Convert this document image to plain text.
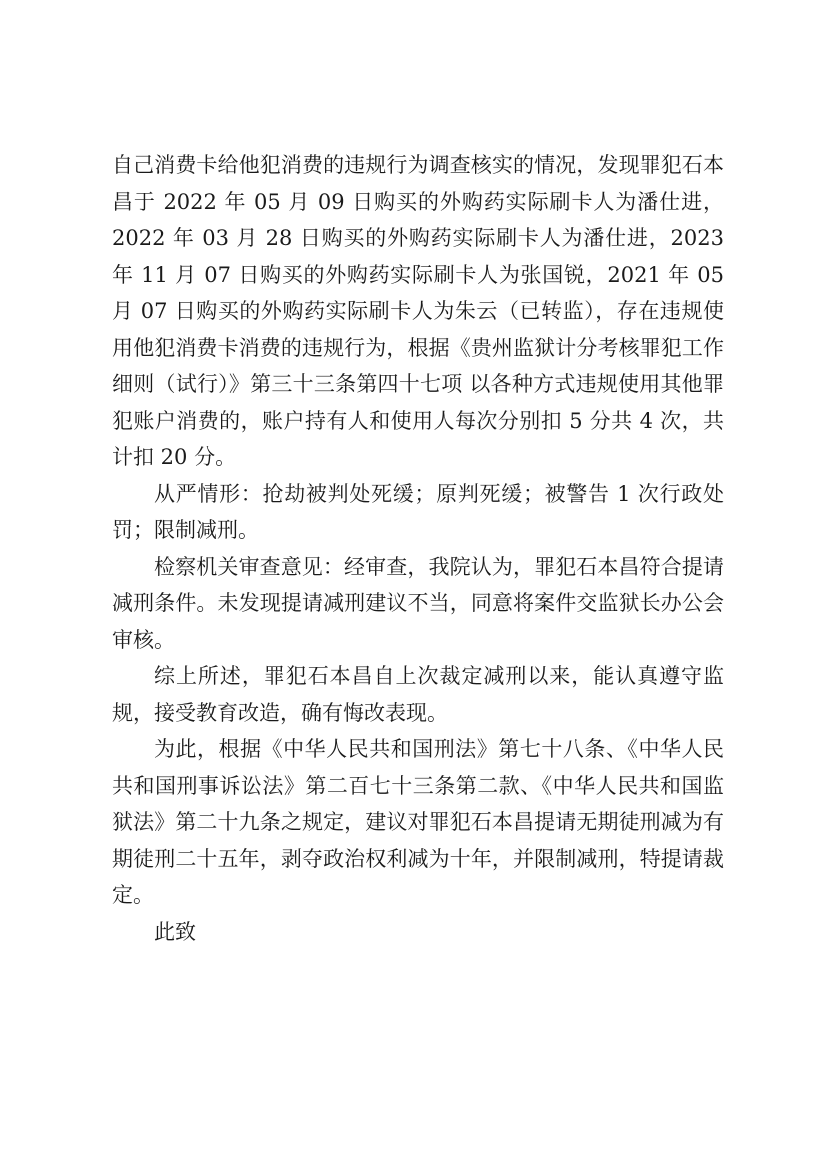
自己消费卡给他犯消费的违规行为调查核实的情况，发现罪犯石本昌于 2022 年 05 月 09 日购买的外购药实际刷卡人为潘仕进，2022 年 03 月 28 日购买的外购药实际刷卡人为潘仕进，2023 年 11 月 07 日购买的外购药实际刷卡人为张国锐，2021 年 05 月 07 日购买的外购药实际刷卡人为朱云（已转监），存在违规使用他犯消费卡消费的违规行为，根据《贵州监狱计分考核罪犯工作细则（试行）》第三十三条第四十七项 以各种方式违规使用其他罪犯账户消费的，账户持有人和使用人每次分别扣 5 分共 4 次，共计扣 20 分。

从严情形：抢劫被判处死缓；原判死缓；被警告 1 次行政处罚；限制减刑。

检察机关审查意见：经审查，我院认为，罪犯石本昌符合提请减刑条件。未发现提请减刑建议不当，同意将案件交监狱长办公会审核。

综上所述，罪犯石本昌自上次裁定减刑以来，能认真遵守监规，接受教育改造，确有悔改表现。

为此，根据《中华人民共和国刑法》第七十八条、《中华人民共和国刑事诉讼法》第二百七十三条第二款、《中华人民共和国监狱法》第二十九条之规定，建议对罪犯石本昌提请无期徒刑减为有期徒刑二十五年，剥夺政治权利减为十年，并限制减刑，特提请裁定。

此致
